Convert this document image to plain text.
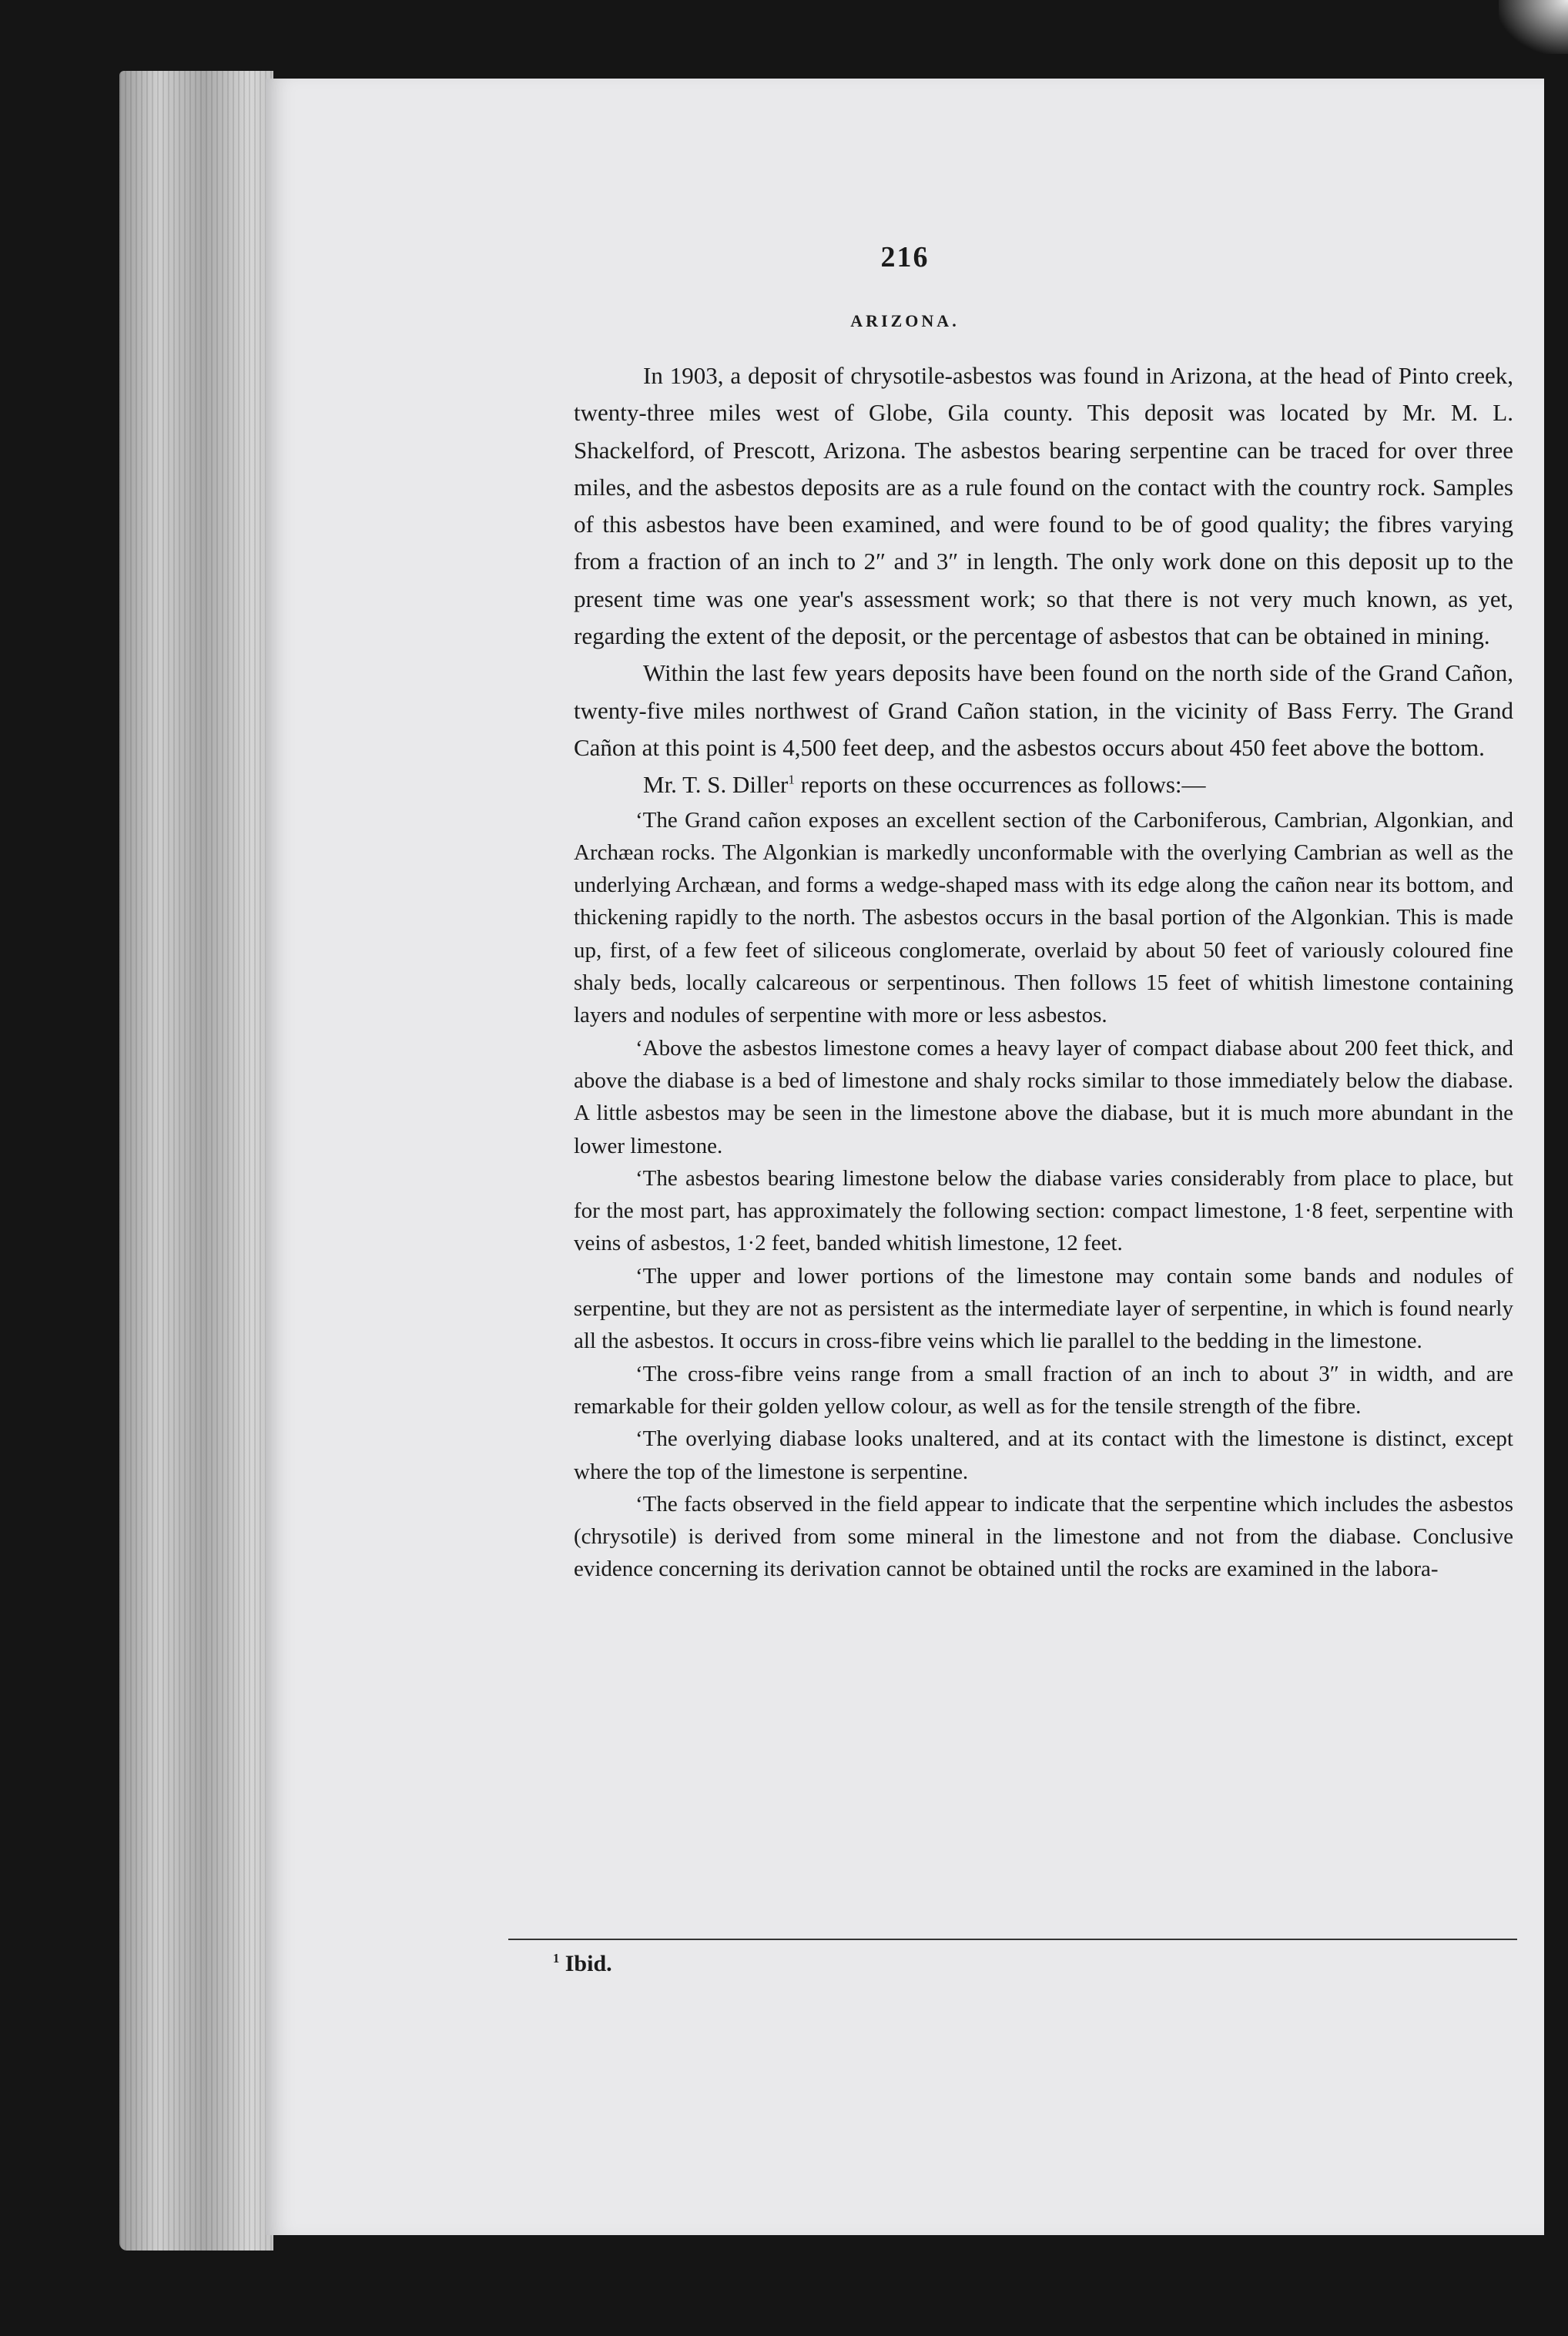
216
ARIZONA.

In 1903, a deposit of chrysotile-asbestos was found in Arizona, at the head of Pinto creek, twenty-three miles west of Globe, Gila county. This deposit was located by Mr. M. L. Shackelford, of Prescott, Arizona. The asbestos bearing serpentine can be traced for over three miles, and the asbestos deposits are as a rule found on the contact with the country rock. Samples of this asbestos have been examined, and were found to be of good quality; the fibres varying from a fraction of an inch to 2″ and 3″ in length. The only work done on this deposit up to the present time was one year's assessment work; so that there is not very much known, as yet, regarding the extent of the deposit, or the percentage of asbestos that can be obtained in mining.

Within the last few years deposits have been found on the north side of the Grand Cañon, twenty-five miles northwest of Grand Cañon station, in the vicinity of Bass Ferry. The Grand Cañon at this point is 4,500 feet deep, and the asbestos occurs about 450 feet above the bottom.

Mr. T. S. Diller$^1$ reports on these occurrences as follows:—

‘The Grand cañon exposes an excellent section of the Carboniferous, Cambrian, Algonkian, and Archæan rocks. The Algonkian is markedly unconformable with the overlying Cambrian as well as the underlying Archæan, and forms a wedge-shaped mass with its edge along the cañon near its bottom, and thickening rapidly to the north. The asbestos occurs in the basal portion of the Algonkian. This is made up, first, of a few feet of siliceous conglomerate, overlaid by about 50 feet of variously coloured fine shaly beds, locally calcareous or serpentinous. Then follows 15 feet of whitish limestone containing layers and nodules of serpentine with more or less asbestos.

‘Above the asbestos limestone comes a heavy layer of compact diabase about 200 feet thick, and above the diabase is a bed of limestone and shaly rocks similar to those immediately below the diabase. A little asbestos may be seen in the limestone above the diabase, but it is much more abundant in the lower limestone.

‘The asbestos bearing limestone below the diabase varies considerably from place to place, but for the most part, has approximately the following section: compact limestone, 1·8 feet, serpentine with veins of asbestos, 1·2 feet, banded whitish limestone, 12 feet.

‘The upper and lower portions of the limestone may contain some bands and nodules of serpentine, but they are not as persistent as the intermediate layer of serpentine, in which is found nearly all the asbestos. It occurs in cross-fibre veins which lie parallel to the bedding in the limestone.

‘The cross-fibre veins range from a small fraction of an inch to about 3″ in width, and are remarkable for their golden yellow colour, as well as for the tensile strength of the fibre.

‘The overlying diabase looks unaltered, and at its contact with the limestone is distinct, except where the top of the limestone is serpentine.

‘The facts observed in the field appear to indicate that the serpentine which includes the asbestos (chrysotile) is derived from some mineral in the limestone and not from the diabase. Conclusive evidence concerning its derivation cannot be obtained until the rocks are examined in the labora-

$^1$ Ibid.
